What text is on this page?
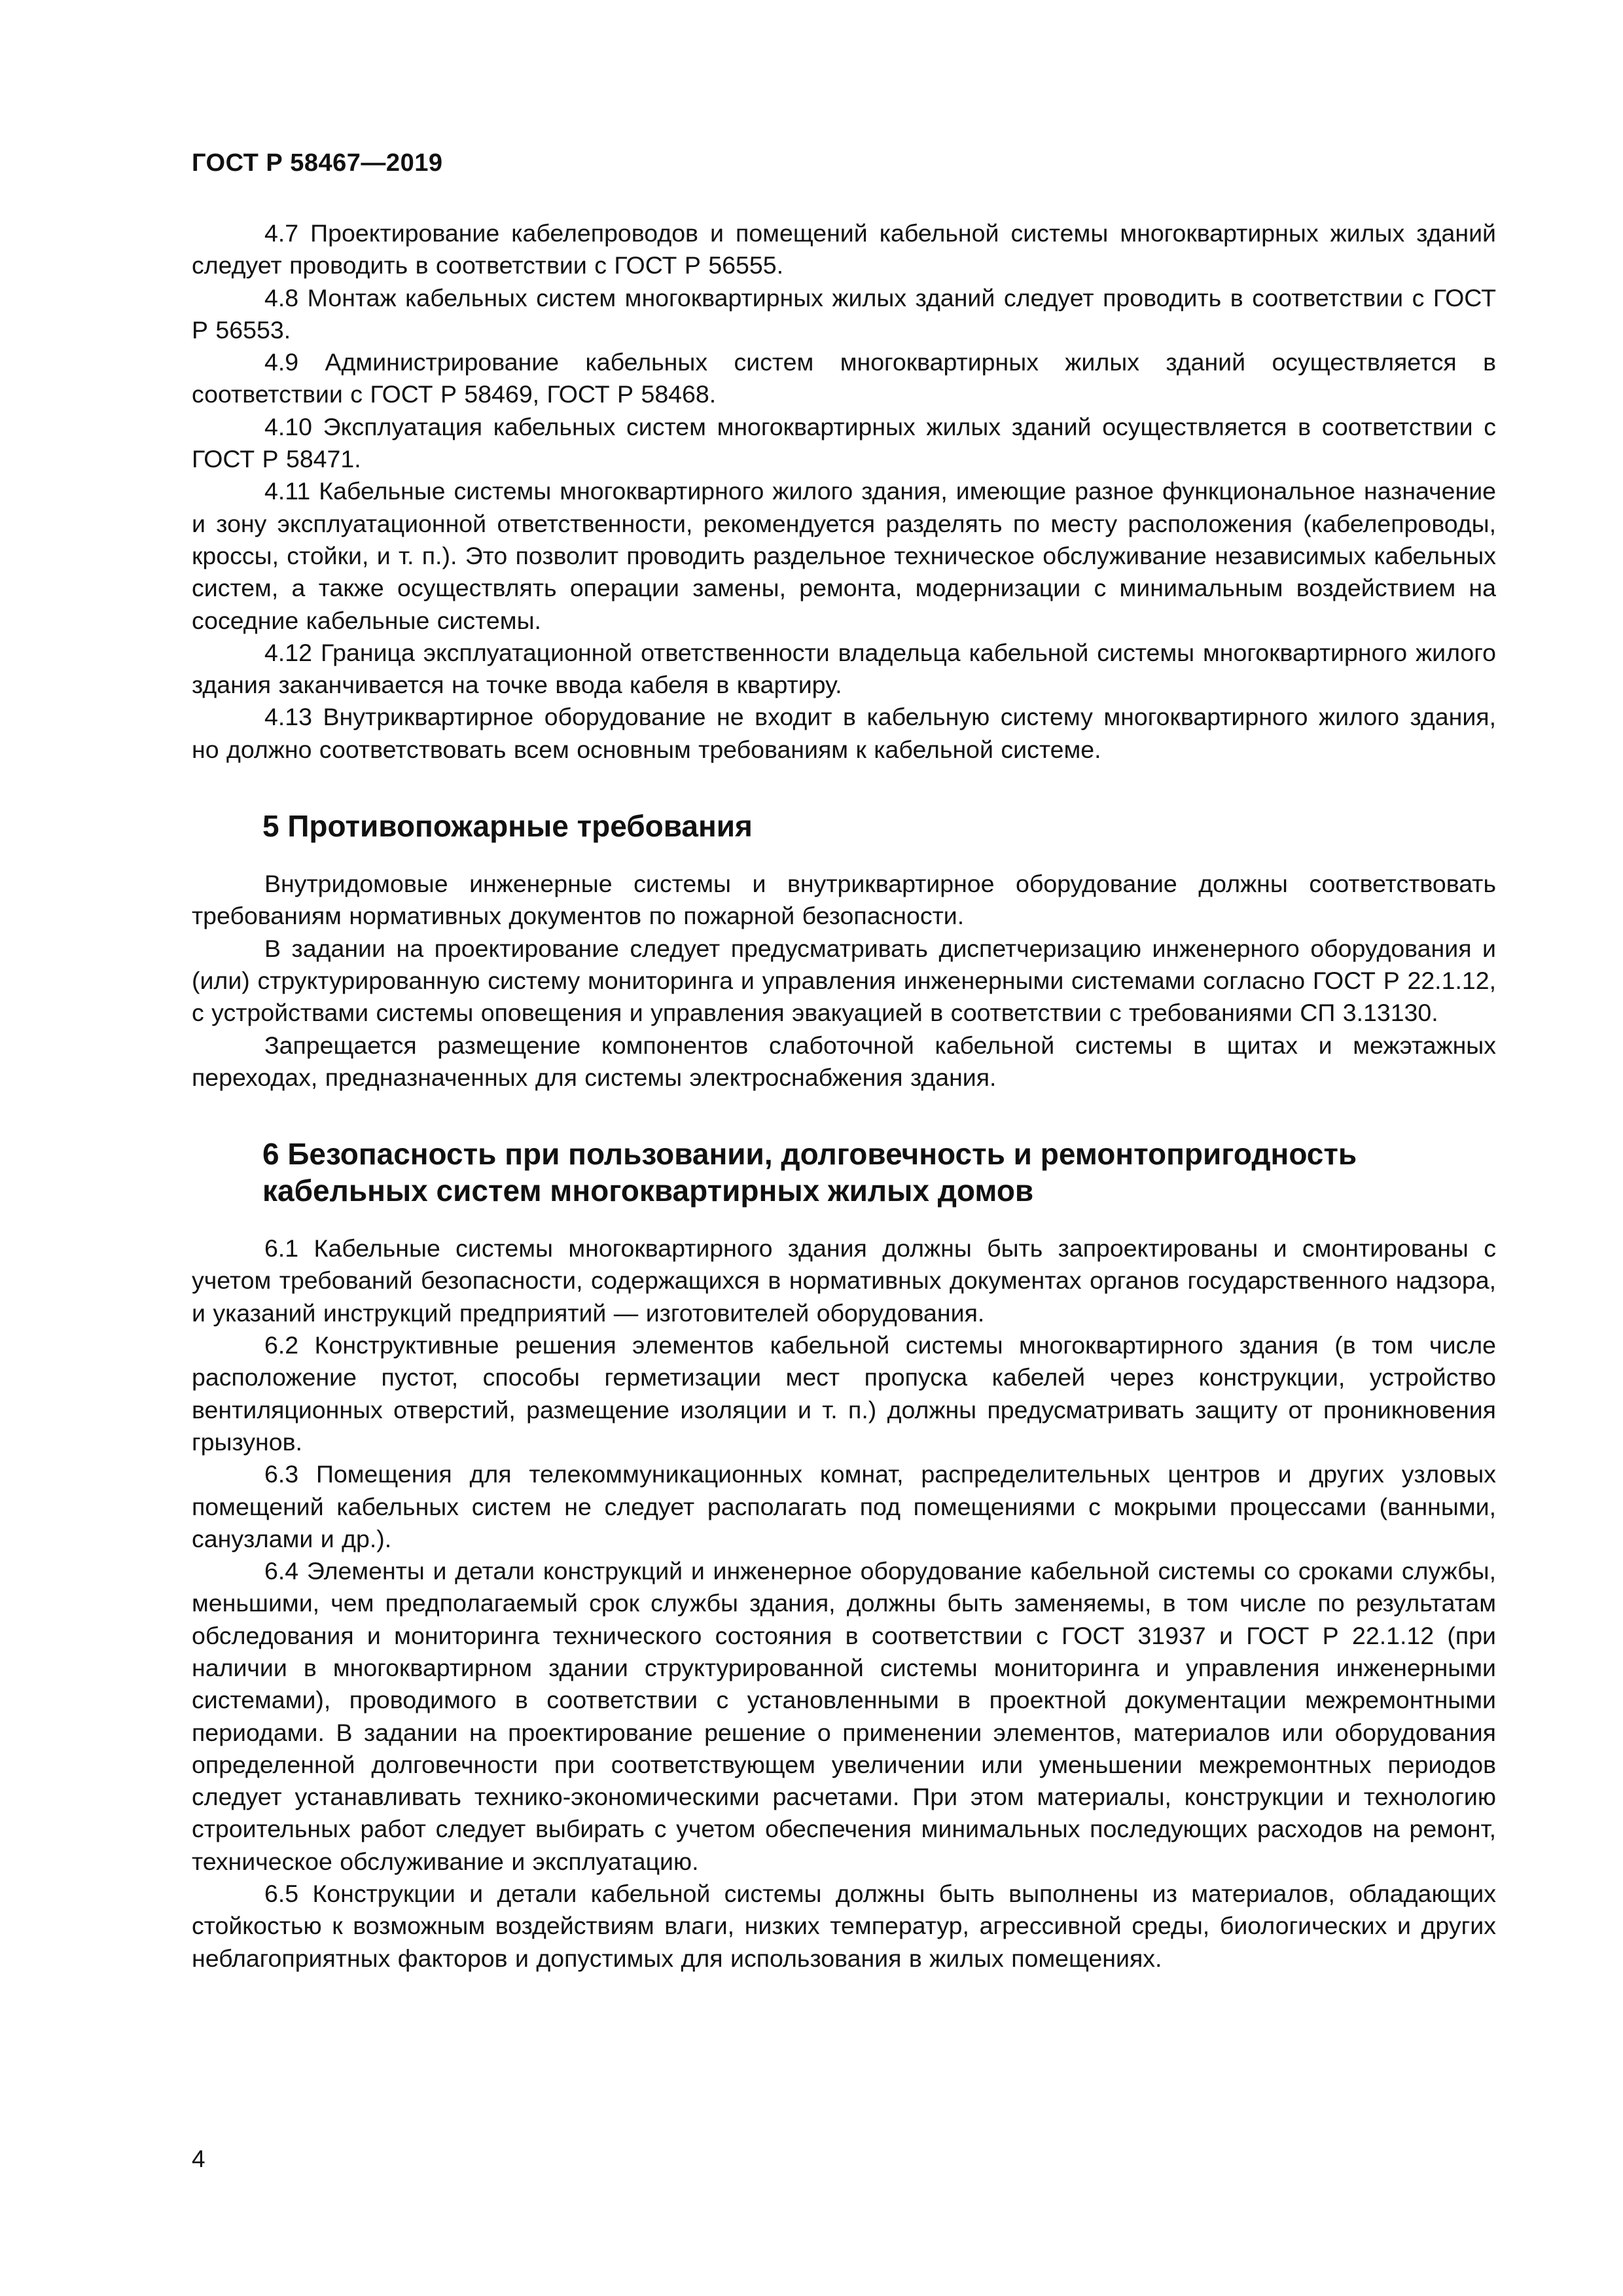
ГОСТ Р 58467—2019

4.7 Проектирование кабелепроводов и помещений кабельной системы многоквартирных жилых зданий следует проводить в соответствии с ГОСТ Р 56555.

4.8 Монтаж кабельных систем многоквартирных жилых зданий следует проводить в соответствии с ГОСТ Р 56553.

4.9 Администрирование кабельных систем многоквартирных жилых зданий осуществляется в соответствии с ГОСТ Р 58469, ГОСТ Р 58468.

4.10 Эксплуатация кабельных систем многоквартирных жилых зданий осуществляется в соответствии с ГОСТ Р 58471.

4.11 Кабельные системы многоквартирного жилого здания, имеющие разное функциональное назначение и зону эксплуатационной ответственности, рекомендуется разделять по месту расположения (кабелепроводы, кроссы, стойки, и т. п.). Это позволит проводить раздельное техническое обслуживание независимых кабельных систем, а также осуществлять операции замены, ремонта, модернизации с минимальным воздействием на соседние кабельные системы.

4.12 Граница эксплуатационной ответственности владельца кабельной системы многоквартирного жилого здания заканчивается на точке ввода кабеля в квартиру.

4.13 Внутриквартирное оборудование не входит в кабельную систему многоквартирного жилого здания, но должно соответствовать всем основным требованиям к кабельной системе.

5 Противопожарные требования

Внутридомовые инженерные системы и внутриквартирное оборудование должны соответствовать требованиям нормативных документов по пожарной безопасности.

В задании на проектирование следует предусматривать диспетчеризацию инженерного оборудования и (или) структурированную систему мониторинга и управления инженерными системами согласно ГОСТ Р 22.1.12, с устройствами системы оповещения и управления эвакуацией в соответствии с требованиями СП 3.13130.

Запрещается размещение компонентов слаботочной кабельной системы в щитах и межэтажных переходах, предназначенных для системы электроснабжения здания.

6 Безопасность при пользовании, долговечность и ремонтопригодность
кабельных систем многоквартирных жилых домов

6.1 Кабельные системы многоквартирного здания должны быть запроектированы и смонтированы с учетом требований безопасности, содержащихся в нормативных документах органов государственного надзора, и указаний инструкций предприятий — изготовителей оборудования.

6.2 Конструктивные решения элементов кабельной системы многоквартирного здания (в том числе расположение пустот, способы герметизации мест пропуска кабелей через конструкции, устройство вентиляционных отверстий, размещение изоляции и т. п.) должны предусматривать защиту от проникновения грызунов.

6.3 Помещения для телекоммуникационных комнат, распределительных центров и других узловых помещений кабельных систем не следует располагать под помещениями с мокрыми процессами (ванными, санузлами и др.).

6.4 Элементы и детали конструкций и инженерное оборудование кабельной системы со сроками службы, меньшими, чем предполагаемый срок службы здания, должны быть заменяемы, в том числе по результатам обследования и мониторинга технического состояния в соответствии с ГОСТ 31937 и ГОСТ Р 22.1.12 (при наличии в многоквартирном здании структурированной системы мониторинга и управления инженерными системами), проводимого в соответствии с установленными в проектной документации межремонтными периодами. В задании на проектирование решение о применении элементов, материалов или оборудования определенной долговечности при соответствующем увеличении или уменьшении межремонтных периодов следует устанавливать технико-экономическими расчетами. При этом материалы, конструкции и технологию строительных работ следует выбирать с учетом обеспечения минимальных последующих расходов на ремонт, техническое обслуживание и эксплуатацию.

6.5 Конструкции и детали кабельной системы должны быть выполнены из материалов, обладающих стойкостью к возможным воздействиям влаги, низких температур, агрессивной среды, биологических и других неблагоприятных факторов и допустимых для использования в жилых помещениях.

4
